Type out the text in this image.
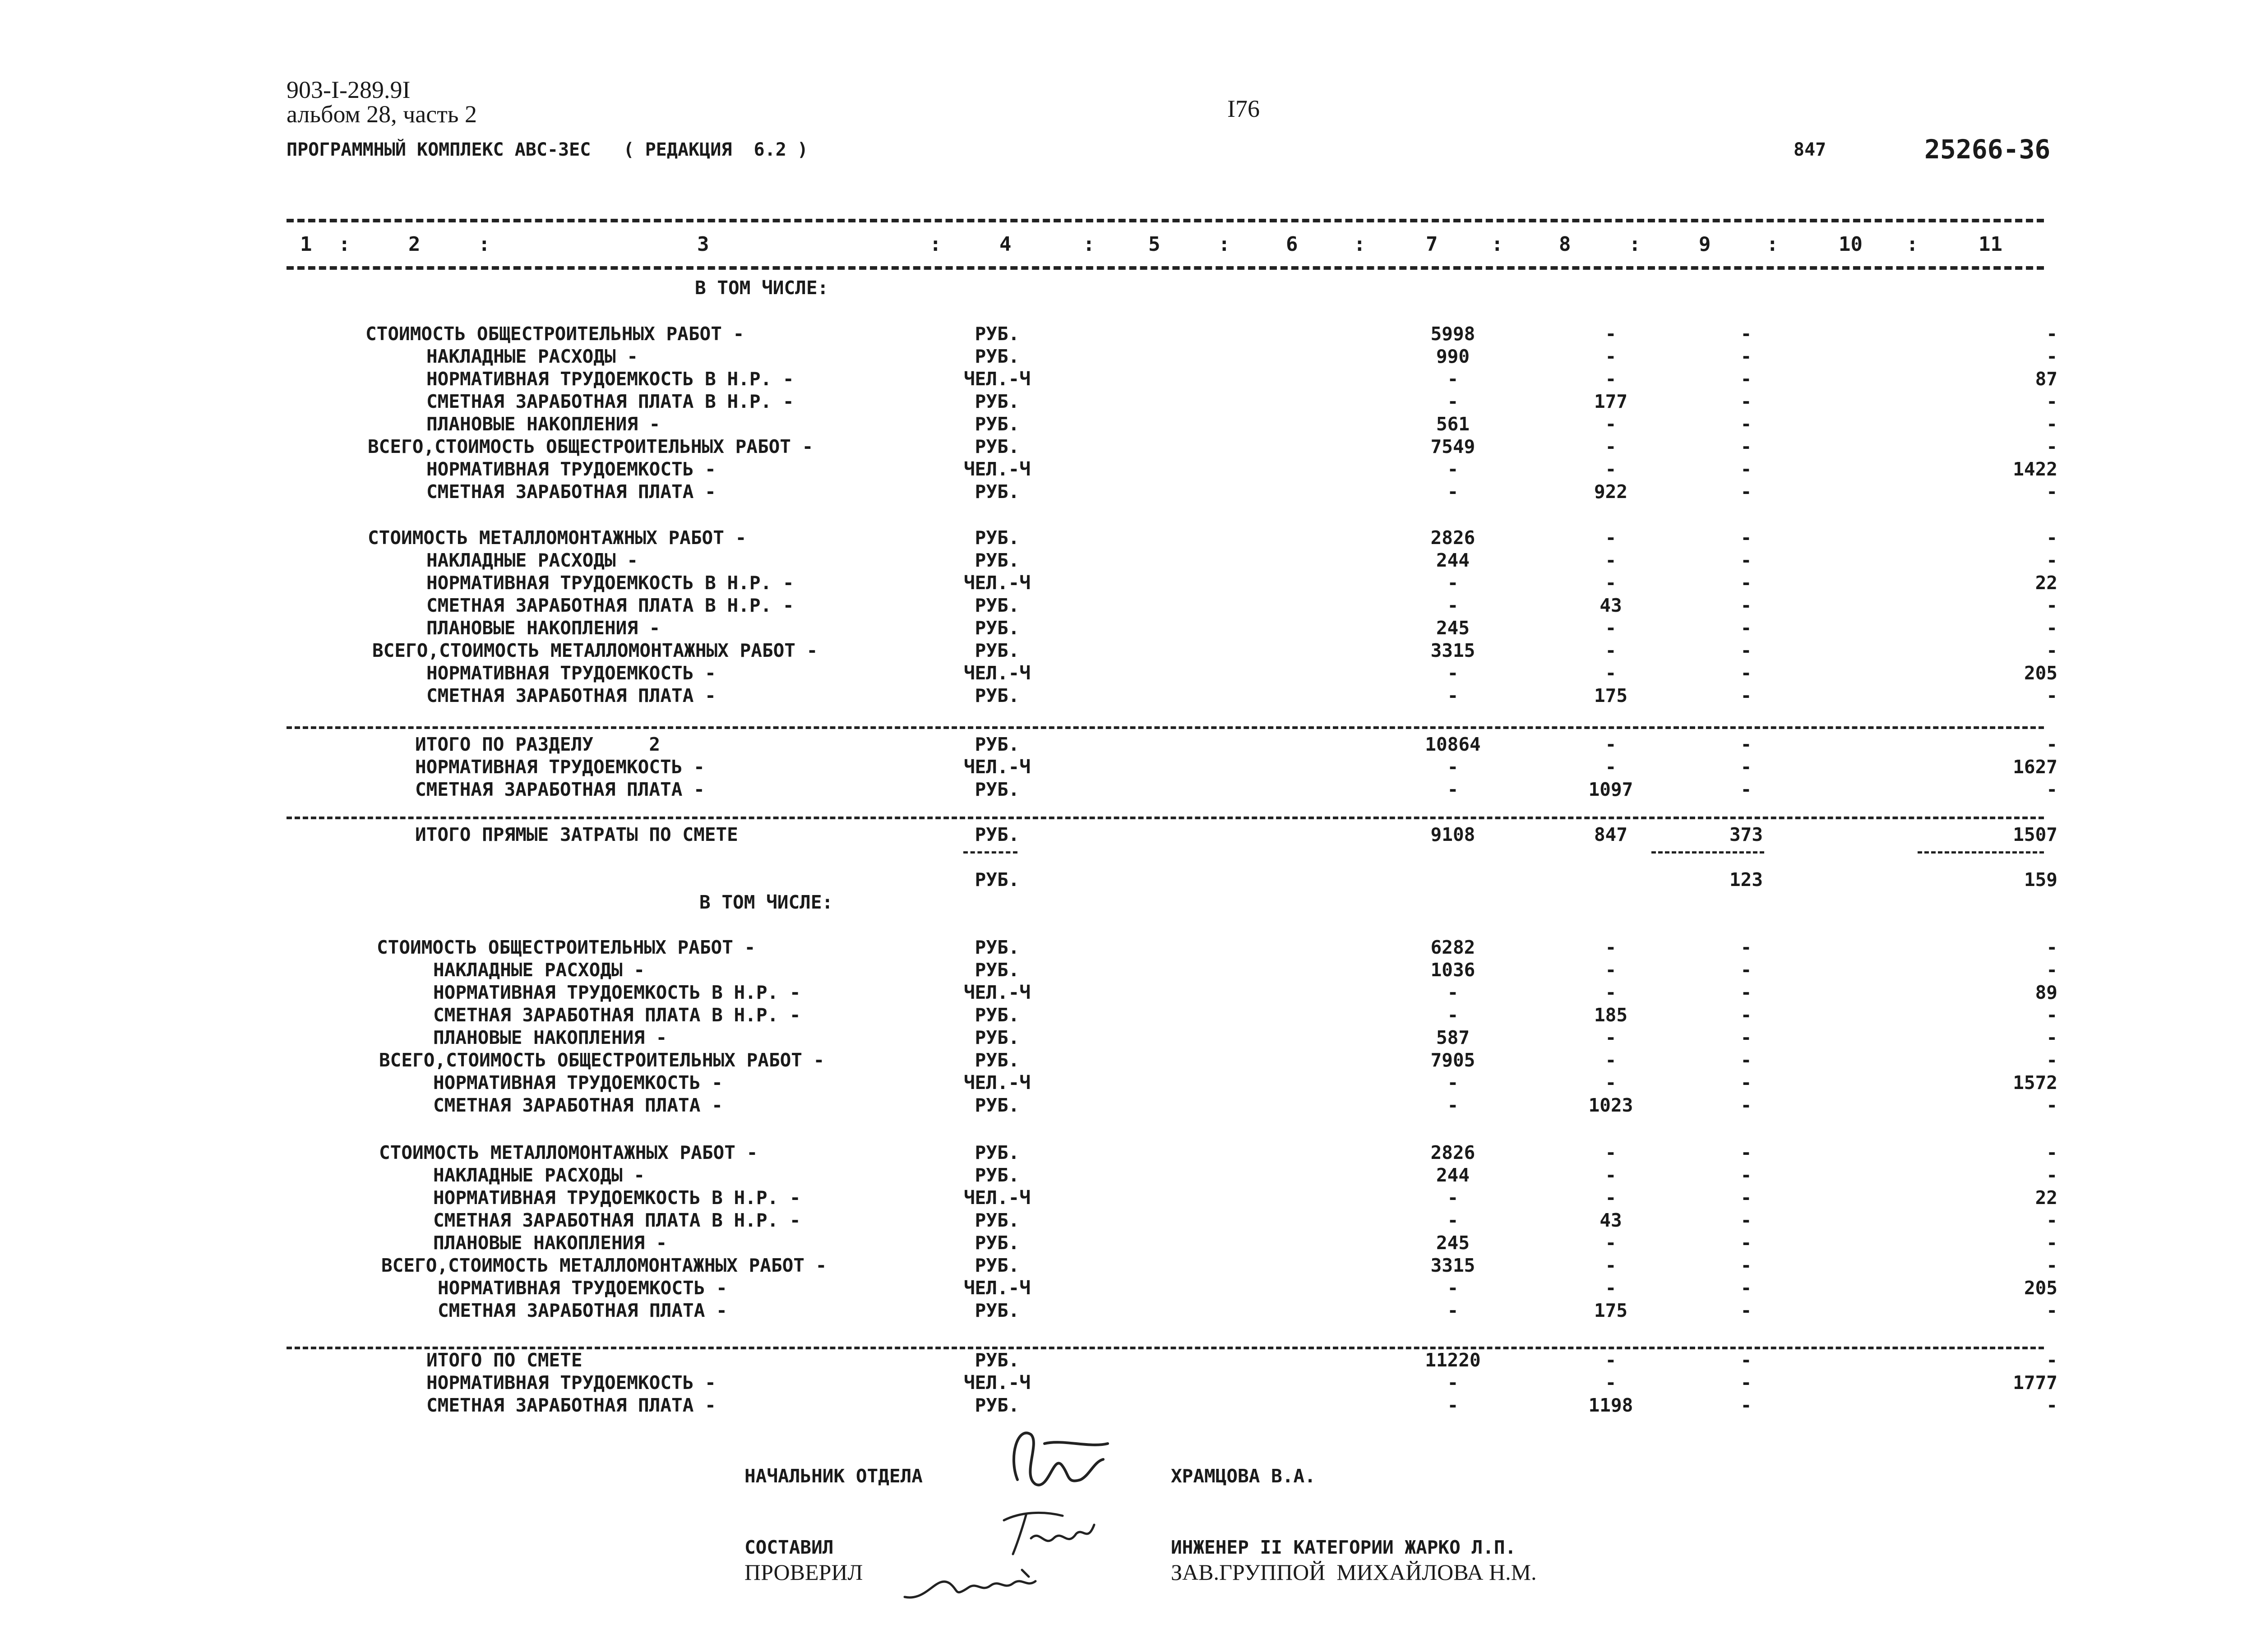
903-I-289.9I
альбом 28, часть 2	I76
ПРОГРАММНЫЙ КОМПЛЕКС АВС-3ЕС   ( РЕДАКЦИЯ  6.2 )	847	25266-36
1 :	2	:	3	:	4	:	5	:	6	:	7	:	8	:	9	:	10 :	11
В ТОМ ЧИСЛЕ:
СТОИМОСТЬ ОБЩЕСТРОИТЕЛЬНЫХ РАБОТ -	РУБ.	5998	-	-	-
НАКЛАДНЫЕ РАСХОДЫ -	РУБ.	990	-	-	-
НОРМАТИВНАЯ ТРУДОЕМКОСТЬ В Н.Р. -	ЧЕЛ.-Ч	-	-	-	87
СМЕТНАЯ ЗАРАБОТНАЯ ПЛАТА В Н.Р. -	РУБ.	-	177	-	-
ПЛАНОВЫЕ НАКОПЛЕНИЯ -	РУБ.	561	-	-	-
ВСЕГО,СТОИМОСТЬ ОБЩЕСТРОИТЕЛЬНЫХ РАБОТ -	РУБ.	7549	-	-	-
НОРМАТИВНАЯ ТРУДОЕМКОСТЬ -	ЧЕЛ.-Ч	-	-	-	1422
СМЕТНАЯ ЗАРАБОТНАЯ ПЛАТА -	РУБ.	-	922	-	-
СТОИМОСТЬ МЕТАЛЛОМОНТАЖНЫХ РАБОТ -	РУБ.	2826	-	-	-
НАКЛАДНЫЕ РАСХОДЫ -	РУБ.	244	-	-	-
НОРМАТИВНАЯ ТРУДОЕМКОСТЬ В Н.Р. -	ЧЕЛ.-Ч	-	-	-	22
СМЕТНАЯ ЗАРАБОТНАЯ ПЛАТА В Н.Р. -	РУБ.	-	43	-	-
ПЛАНОВЫЕ НАКОПЛЕНИЯ -	РУБ.	245	-	-	-
ВСЕГО,СТОИМОСТЬ МЕТАЛЛОМОНТАЖНЫХ РАБОТ -	РУБ.	3315	-	-	-
НОРМАТИВНАЯ ТРУДОЕМКОСТЬ -	ЧЕЛ.-Ч	-	-	-	205
СМЕТНАЯ ЗАРАБОТНАЯ ПЛАТА -	РУБ.	-	175	-	-
ИТОГО ПО РАЗДЕЛУ     2	РУБ.	10864	-	-	-
НОРМАТИВНАЯ ТРУДОЕМКОСТЬ -	ЧЕЛ.-Ч	-	-	-	1627
СМЕТНАЯ ЗАРАБОТНАЯ ПЛАТА -	РУБ.	-	1097	-	-
ИТОГО ПРЯМЫЕ ЗАТРАТЫ ПО СМЕТЕ	РУБ.	9108	847	373	1507
РУБ.	123	159
В ТОМ ЧИСЛЕ:
СТОИМОСТЬ ОБЩЕСТРОИТЕЛЬНЫХ РАБОТ -	РУБ.	6282	-	-	-
НАКЛАДНЫЕ РАСХОДЫ -	РУБ.	1036	-	-	-
НОРМАТИВНАЯ ТРУДОЕМКОСТЬ В Н.Р. -	ЧЕЛ.-Ч	-	-	-	89
СМЕТНАЯ ЗАРАБОТНАЯ ПЛАТА В Н.Р. -	РУБ.	-	185	-	-
ПЛАНОВЫЕ НАКОПЛЕНИЯ -	РУБ.	587	-	-	-
ВСЕГО,СТОИМОСТЬ ОБЩЕСТРОИТЕЛЬНЫХ РАБОТ -	РУБ.	7905	-	-	-
НОРМАТИВНАЯ ТРУДОЕМКОСТЬ -	ЧЕЛ.-Ч	-	-	-	1572
СМЕТНАЯ ЗАРАБОТНАЯ ПЛАТА -	РУБ.	-	1023	-	-
СТОИМОСТЬ МЕТАЛЛОМОНТАЖНЫХ РАБОТ -	РУБ.	2826	-	-	-
НАКЛАДНЫЕ РАСХОДЫ -	РУБ.	244	-	-	-
НОРМАТИВНАЯ ТРУДОЕМКОСТЬ В Н.Р. -	ЧЕЛ.-Ч	-	-	-	22
СМЕТНАЯ ЗАРАБОТНАЯ ПЛАТА В Н.Р. -	РУБ.	-	43	-	-
ПЛАНОВЫЕ НАКОПЛЕНИЯ -	РУБ.	245	-	-	-
ВСЕГО,СТОИМОСТЬ МЕТАЛЛОМОНТАЖНЫХ РАБОТ -	РУБ.	3315	-	-	-
НОРМАТИВНАЯ ТРУДОЕМКОСТЬ -	ЧЕЛ.-Ч	-	-	-	205
СМЕТНАЯ ЗАРАБОТНАЯ ПЛАТА -	РУБ.	-	175	-	-
ИТОГО ПО СМЕТЕ	РУБ.	11220	-	-	-
НОРМАТИВНАЯ ТРУДОЕМКОСТЬ -	ЧЕЛ.-Ч	-	-	-	1777
СМЕТНАЯ ЗАРАБОТНАЯ ПЛАТА -	РУБ.	-	1198	-	-
НАЧАЛЬНИК ОТДЕЛА	ХРАМЦОВА В.А.
СОСТАВИЛ	ИНЖЕНЕР II КАТЕГОРИИ ЖАРКО Л.П.
ПРОВЕРИЛ	ЗАВ.ГРУППОЙ  МИХАЙЛОВА Н.М.
